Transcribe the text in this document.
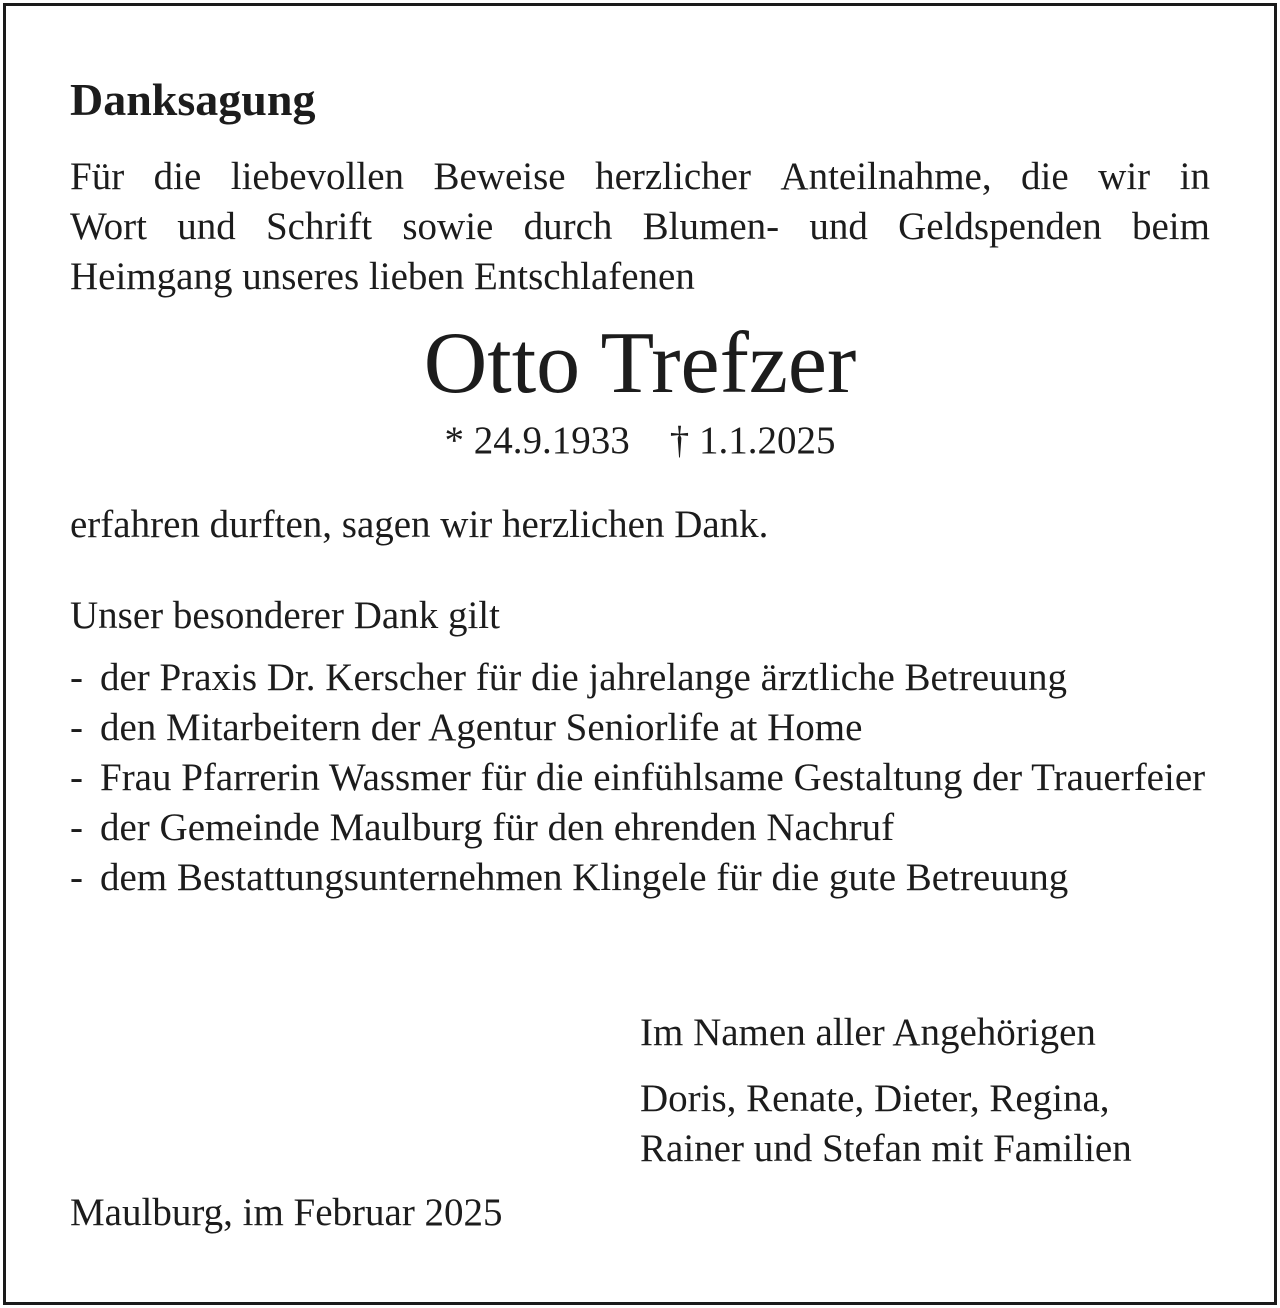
Danksagung
Für die liebevollen Beweise herzlicher Anteilnahme, die wir in
Wort und Schrift sowie durch Blumen- und Geldspenden beim
Heimgang unseres lieben Entschlafenen
Otto Trefzer
* 24.9.1933 † 1.1.2025
erfahren durften, sagen wir herzlichen Dank.
Unser besonderer Dank gilt
- der Praxis Dr. Kerscher für die jahrelange ärztliche Betreuung
- den Mitarbeitern der Agentur Seniorlife at Home
- Frau Pfarrerin Wassmer für die einfühlsame Gestaltung der Trauerfeier
- der Gemeinde Maulburg für den ehrenden Nachruf
- dem Bestattungsunternehmen Klingele für die gute Betreuung
Im Namen aller Angehörigen
Doris, Renate, Dieter, Regina,
Rainer und Stefan mit Familien
Maulburg, im Februar 2025
